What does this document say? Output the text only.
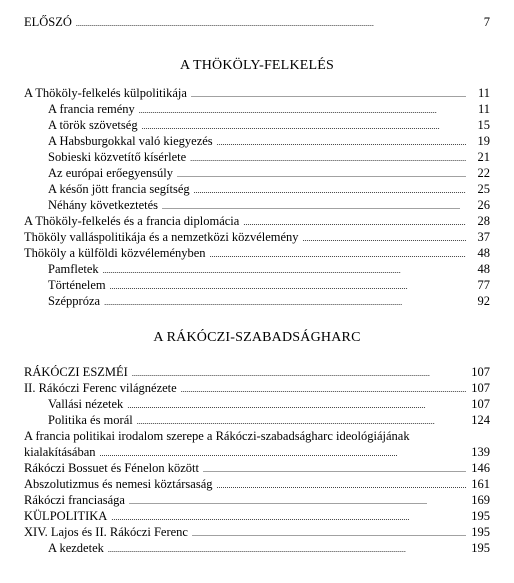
ELŐSZÓ . . .	7
A THÖKÖLY-FELKELÉS
A Thököly-felkelés külpolitikája . . .	11
A francia remény . . .	11
A török szövetség . . .	15
A Habsburgokkal való kiegyezés . . .	19
Sobieski közvetítő kísérlete . . .	21
Az európai erőegyensúly . . .	22
A későn jött francia segítség . . .	25
Néhány következtetés . . .	26
A Thököly-felkelés és a francia diplomácia . . .	28
Thököly valláspolitikája és a nemzetközi közvélemény . . .	37
Thököly a külföldi közvéleményben . . .	48
Pamfletek . . .	48
Történelem . . .	77
Széppróza . . .	92
A RÁKÓCZI-SZABADSÁGHARC
RÁKÓCZI ESZMÉI . . .	107
II. Rákóczi Ferenc világnézete . . .	107
Vallási nézetek . . .	107
Politika és morál . . .	124
A francia politikai irodalom szerepe a Rákóczi-szabadságharc ideológiájának
kialakításában . . .	139
Rákóczi Bossuet és Fénelon között . . .	146
Abszolutizmus és nemesi köztársaság . . .	161
Rákóczi franciasága . . .	169
KÜLPOLITIKA . . .	195
XIV. Lajos és II. Rákóczi Ferenc . . .	195
A kezdetek . . .	195
